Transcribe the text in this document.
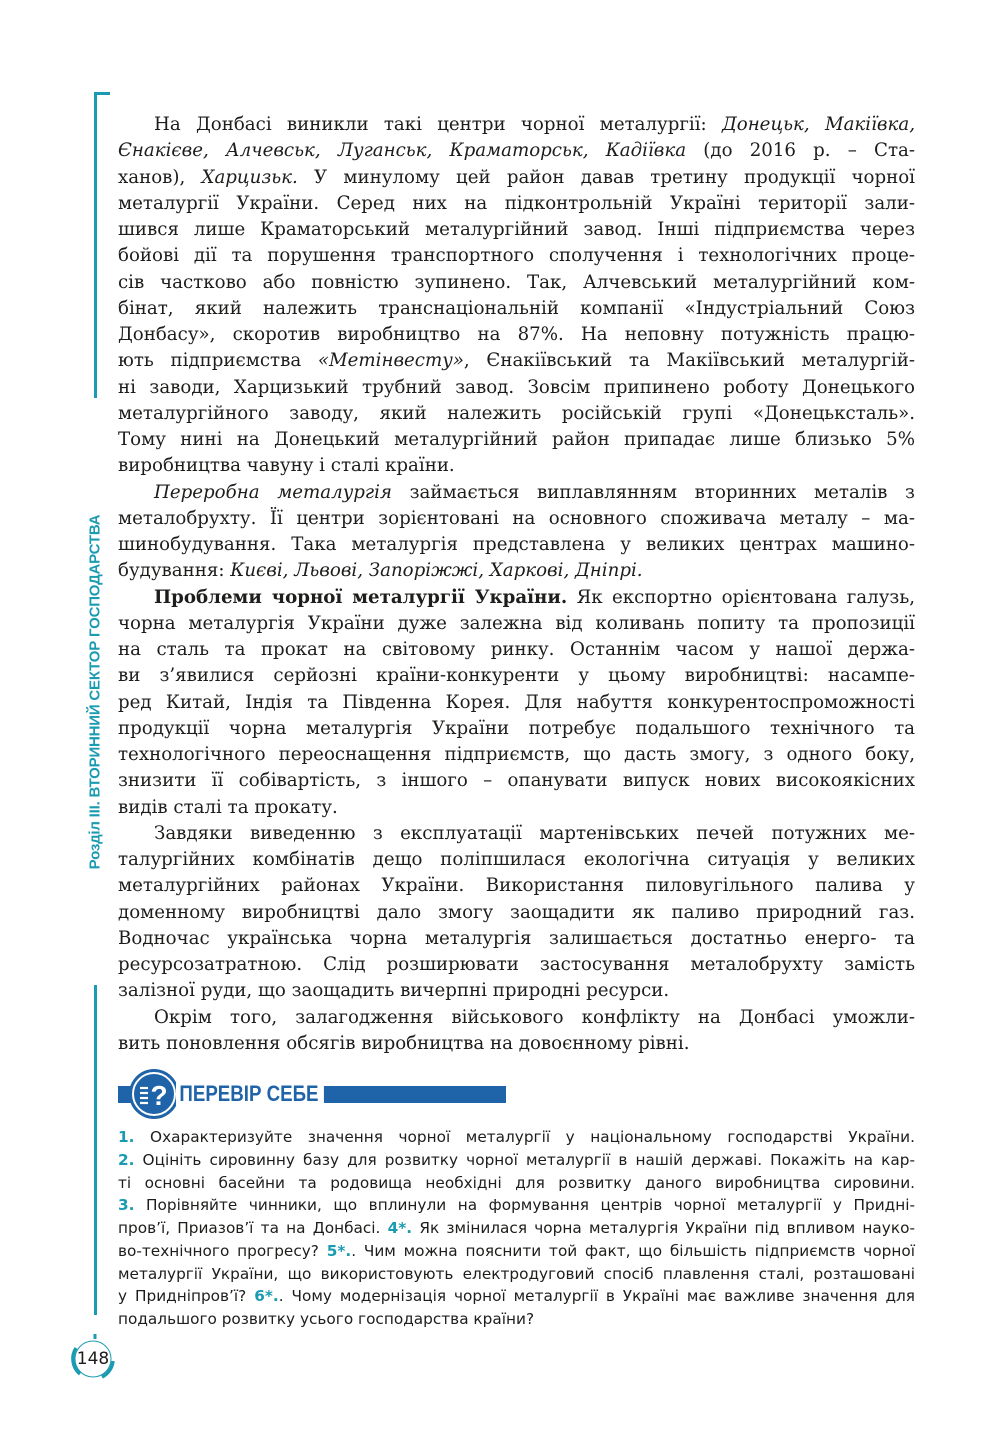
Розділ III. ВТОРИННИЙ СЕКТОР ГОСПОДАРСТВА
На Донбасі виникли такі центри чорної металургії: Донецьк, Макіївка,
Єнакієве, Алчевськ, Луганськ, Краматорськ, Кадіївка (до 2016 р. – Ста-
ханов), Харцизьк. У минулому цей район давав третину продукції чорної
металургії України. Серед них на підконтрольній Україні території зали-
шився лише Краматорський металургійний завод. Інші підприємства через
бойові дії та порушення транспортного сполучення і технологічних проце-
сів частково або повністю зупинено. Так, Алчевський металургійний ком-
бінат, який належить транснаціональній компанії «Індустріальний Союз
Донбасу», скоротив виробництво на 87%. На неповну потужність працю-
ють підприємства «Метінвесту», Єнакіївський та Макіївський металургій-
ні заводи, Харцизький трубний завод. Зовсім припинено роботу Донецького
металургійного заводу, який належить російській групі «Донецьксталь».
Тому нині на Донецький металургійний район припадає лише близько 5%
виробництва чавуну і сталі країни.
Переробна металургія займається виплавлянням вторинних металів з
металобрухту. Її центри зорієнтовані на основного споживача металу – ма-
шинобудування. Така металургія представлена у великих центрах машино-
будування: Києві, Львові, Запоріжжі, Харкові, Дніпрі.
Проблеми чорної металургії України. Як експортно орієнтована галузь,
чорна металургія України дуже залежна від коливань попиту та пропозиції
на сталь та прокат на світовому ринку. Останнім часом у нашої держа-
ви з’явилися серйозні країни-конкуренти у цьому виробництві: насампе-
ред Китай, Індія та Південна Корея. Для набуття конкурентоспроможності
продукції чорна металургія України потребує подальшого технічного та
технологічного переоснащення підприємств, що дасть змогу, з одного боку,
знизити її собівартість, з іншого – опанувати випуск нових високоякісних
видів сталі та прокату.
Завдяки виведенню з експлуатації мартенівських печей потужних ме-
талургійних комбінатів дещо поліпшилася екологічна ситуація у великих
металургійних районах України. Використання пиловугільного палива у
доменному виробництві дало змогу заощадити як паливо природний газ.
Водночас українська чорна металургія залишається достатньо енерго- та
ресурсозатратною. Слід розширювати застосування металобрухту замість
залізної руди, що заощадить вичерпні природні ресурси.
Окрім того, залагодження військового конфлікту на Донбасі уможли-
вить поновлення обсягів виробництва на довоєнному рівні.
? ПЕРЕВІР СЕБЕ
1. Охарактеризуйте значення чорної металургії у національному господарстві України.
2. Оцініть сировинну базу для розвитку чорної металургії в нашій державі. Покажіть на кар-
ті основні басейни та родовища необхідні для розвитку даного виробництва сировини.
3. Порівняйте чинники, що вплинули на формування центрів чорної металургії у Придні-
пров’ї, Приазов’ї та на Донбасі. 4*. Як змінилася чорна металургія України під впливом науко-
во-технічного прогресу? 5*.. Чим можна пояснити той факт, що більшість підприємств чорної
металургії України, що використовують електродуговий спосіб плавлення сталі, розташовані
у Придніпров’ї? 6*.. Чому модернізація чорної металургії в Україні має важливе значення для
подальшого розвитку усього господарства країни?
148
